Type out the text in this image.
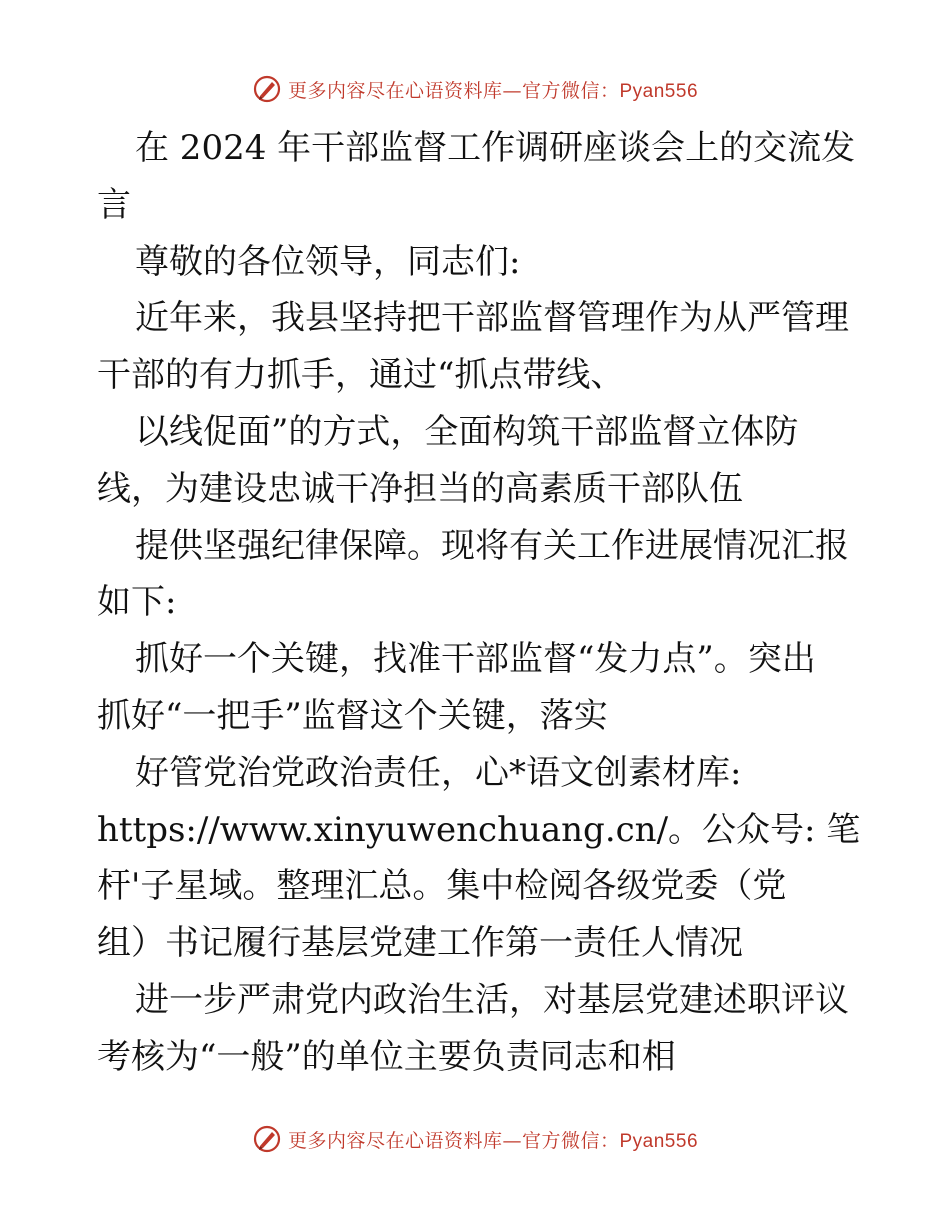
更多内容尽在心语资料库—官方微信：Pyan556
在 2024 年干部监督工作调研座谈会上的交流发
言
尊敬的各位领导，同志们:
近年来，我县坚持把干部监督管理作为从严管理
干部的有力抓手，通过“抓点带线、
以线促面”的方式，全面构筑干部监督立体防
线，为建设忠诚干净担当的高素质干部队伍
提供坚强纪律保障。现将有关工作进展情况汇报
如下:
抓好一个关键，找准干部监督“发力点”。突出
抓好“一把手”监督这个关键，落实
好管党治党政治责任，心*语文创素材库:
https://www.xinyuwenchuang.cn/。公众号: 笔
杆'子星域。整理汇总。集中检阅各级党委（党
组）书记履行基层党建工作第一责任人情况
进一步严肃党内政治生活，对基层党建述职评议
考核为“一般”的单位主要负责同志和相
更多内容尽在心语资料库—官方微信：Pyan556
